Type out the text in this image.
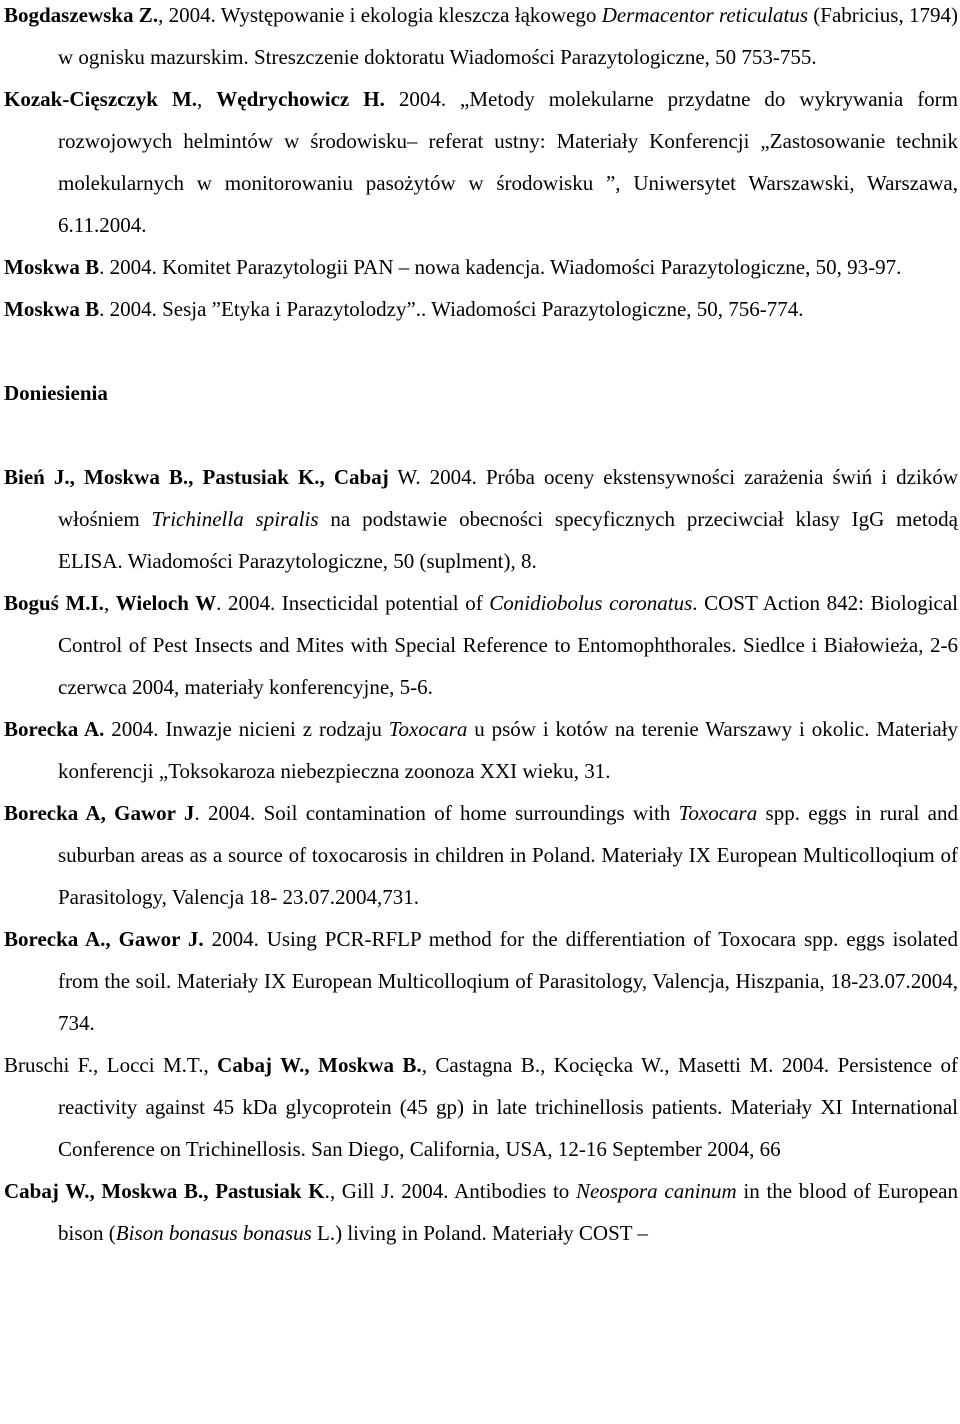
Bogdaszewska Z., 2004. Występowanie i ekologia kleszcza łąkowego Dermacentor reticulatus (Fabricius, 1794) w ognisku mazurskim. Streszczenie doktoratu Wiadomości Parazytologiczne, 50 753-755.

Kozak-Cięszczyk M., Wędrychowicz H. 2004. „Metody molekularne przydatne do wykrywania form rozwojowych helmintów w środowisku– referat ustny: Materiały Konferencji „Zastosowanie technik molekularnych w monitorowaniu pasożytów w środowisku ”, Uniwersytet Warszawski, Warszawa, 6.11.2004.

Moskwa B. 2004. Komitet Parazytologii PAN – nowa kadencja. Wiadomości Parazytologiczne, 50, 93-97.

Moskwa B. 2004. Sesja ”Etyka i Parazytolodzy”.. Wiadomości Parazytologiczne, 50, 756-774.

Doniesienia

Bień J., Moskwa B., Pastusiak K., Cabaj W. 2004. Próba oceny ekstensywności zarażenia świń i dzików włośniem Trichinella spiralis na podstawie obecności specyficznych przeciwciał klasy IgG metodą ELISA. Wiadomości Parazytologiczne, 50 (suplment), 8.

Boguś M.I., Wieloch W. 2004. Insecticidal potential of Conidiobolus coronatus. COST Action 842: Biological Control of Pest Insects and Mites with Special Reference to Entomophthorales. Siedlce i Białowieża, 2-6 czerwca 2004, materiały konferencyjne, 5-6.

Borecka A. 2004. Inwazje nicieni z rodzaju Toxocara u psów i kotów na terenie Warszawy i okolic. Materiały konferencji „Toksokaroza niebezpieczna zoonoza XXI wieku, 31.

Borecka A, Gawor J. 2004. Soil contamination of home surroundings with Toxocara spp. eggs in rural and suburban areas as a source of toxocarosis in children in Poland. Materiały IX European Multicolloqium of Parasitology, Valencja 18- 23.07.2004,731.

Borecka A., Gawor J. 2004. Using PCR-RFLP method for the differentiation of Toxocara spp. eggs isolated from the soil. Materiały IX European Multicolloqium of Parasitology, Valencja, Hiszpania, 18-23.07.2004, 734.

Bruschi F., Locci M.T., Cabaj W., Moskwa B., Castagna B., Kocięcka W., Masetti M. 2004. Persistence of reactivity against 45 kDa glycoprotein (45 gp) in late trichinellosis patients. Materiały XI International Conference on Trichinellosis. San Diego, California, USA, 12-16 September 2004, 66

Cabaj W., Moskwa B., Pastusiak K., Gill J. 2004. Antibodies to Neospora caninum in the blood of European bison (Bison bonasus bonasus L.) living in Poland. Materiały COST –
